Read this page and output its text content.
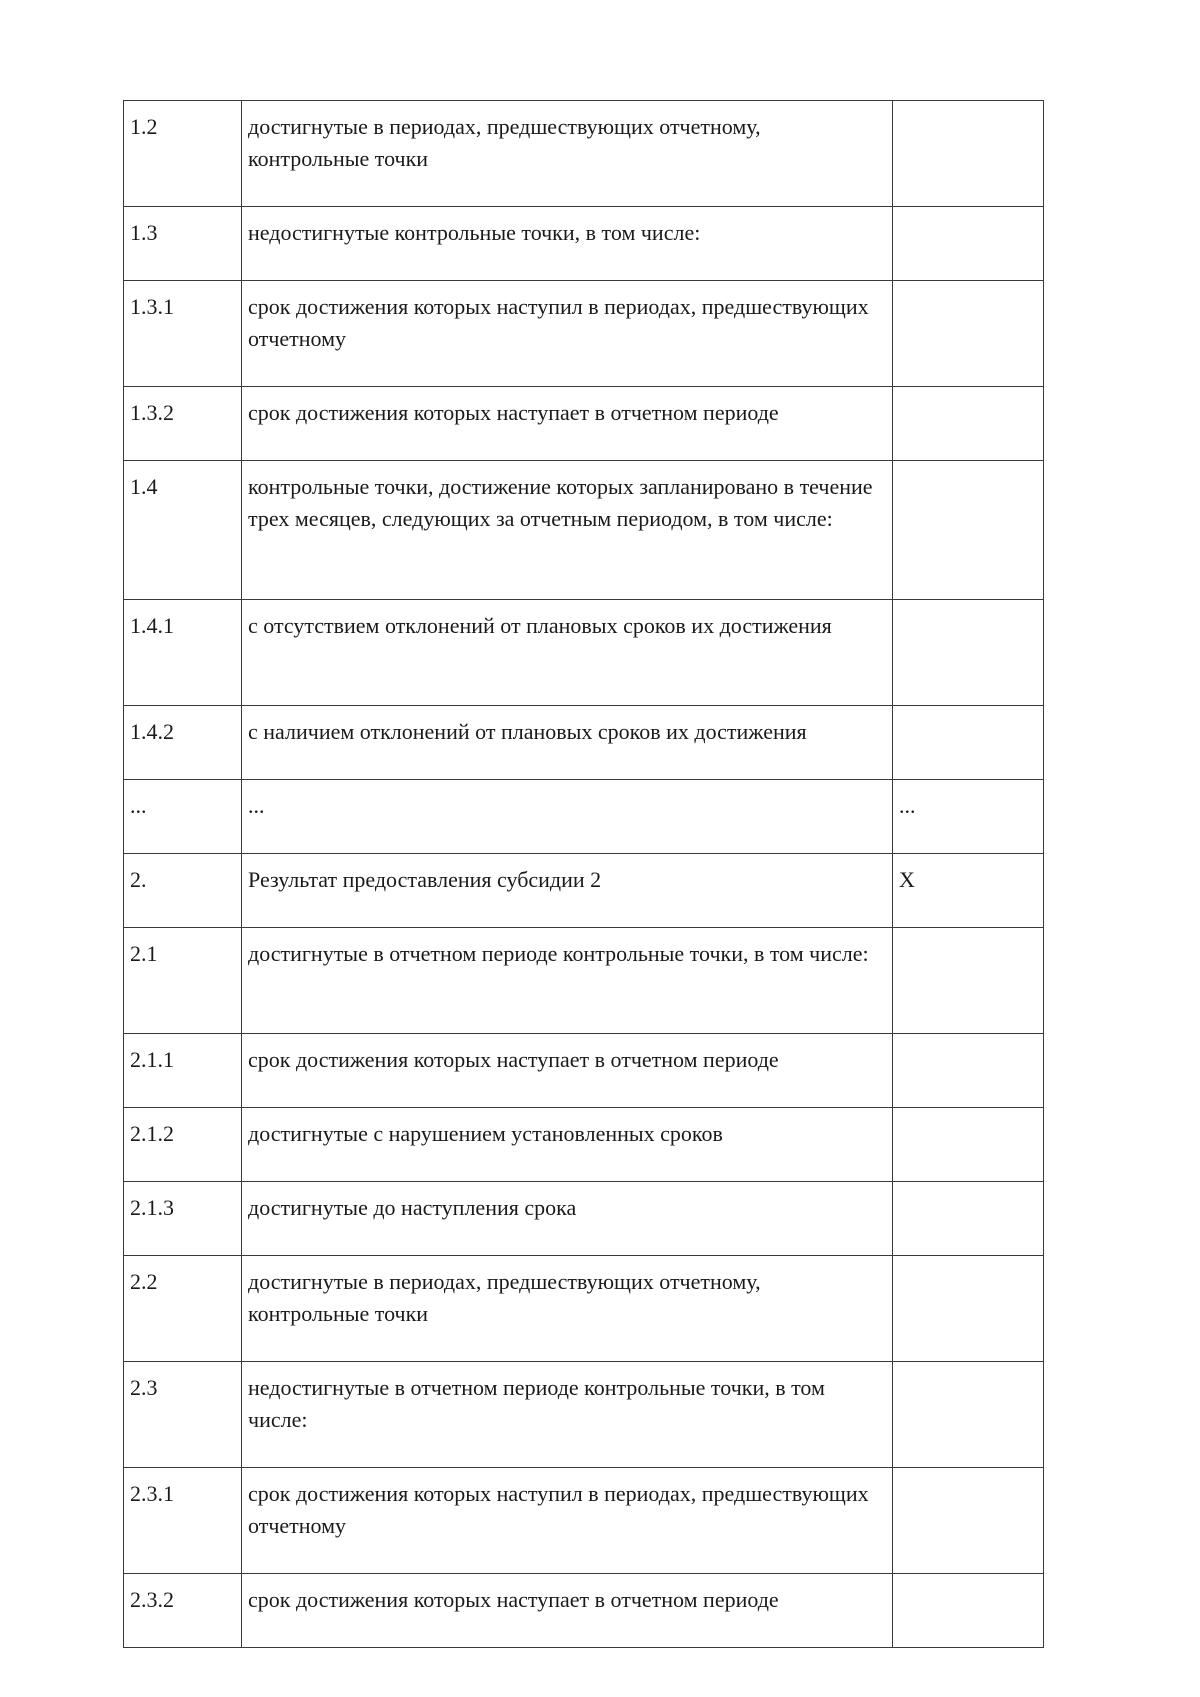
1.2	достигнутые в периодах, предшествующих отчетному, контрольные точки	
1.3	недостигнутые контрольные точки, в том числе:	
1.3.1	срок достижения которых наступил в периодах, предшествующих отчетному	
1.3.2	срок достижения которых наступает в отчетном периоде	
1.4	контрольные точки, достижение которых запланировано в течение трех месяцев, следующих за отчетным периодом, в том числе:	
1.4.1	с отсутствием отклонений от плановых сроков их достижения	
1.4.2	с наличием отклонений от плановых сроков их достижения	
...	...	...
2.	Результат предоставления субсидии 2	X
2.1	достигнутые в отчетном периоде контрольные точки, в том числе:	
2.1.1	срок достижения которых наступает в отчетном периоде	
2.1.2	достигнутые с нарушением установленных сроков	
2.1.3	достигнутые до наступления срока	
2.2	достигнутые в периодах, предшествующих отчетному, контрольные точки	
2.3	недостигнутые в отчетном периоде контрольные точки, в том числе:	
2.3.1	срок достижения которых наступил в периодах, предшествующих отчетному	
2.3.2	срок достижения которых наступает в отчетном периоде	
